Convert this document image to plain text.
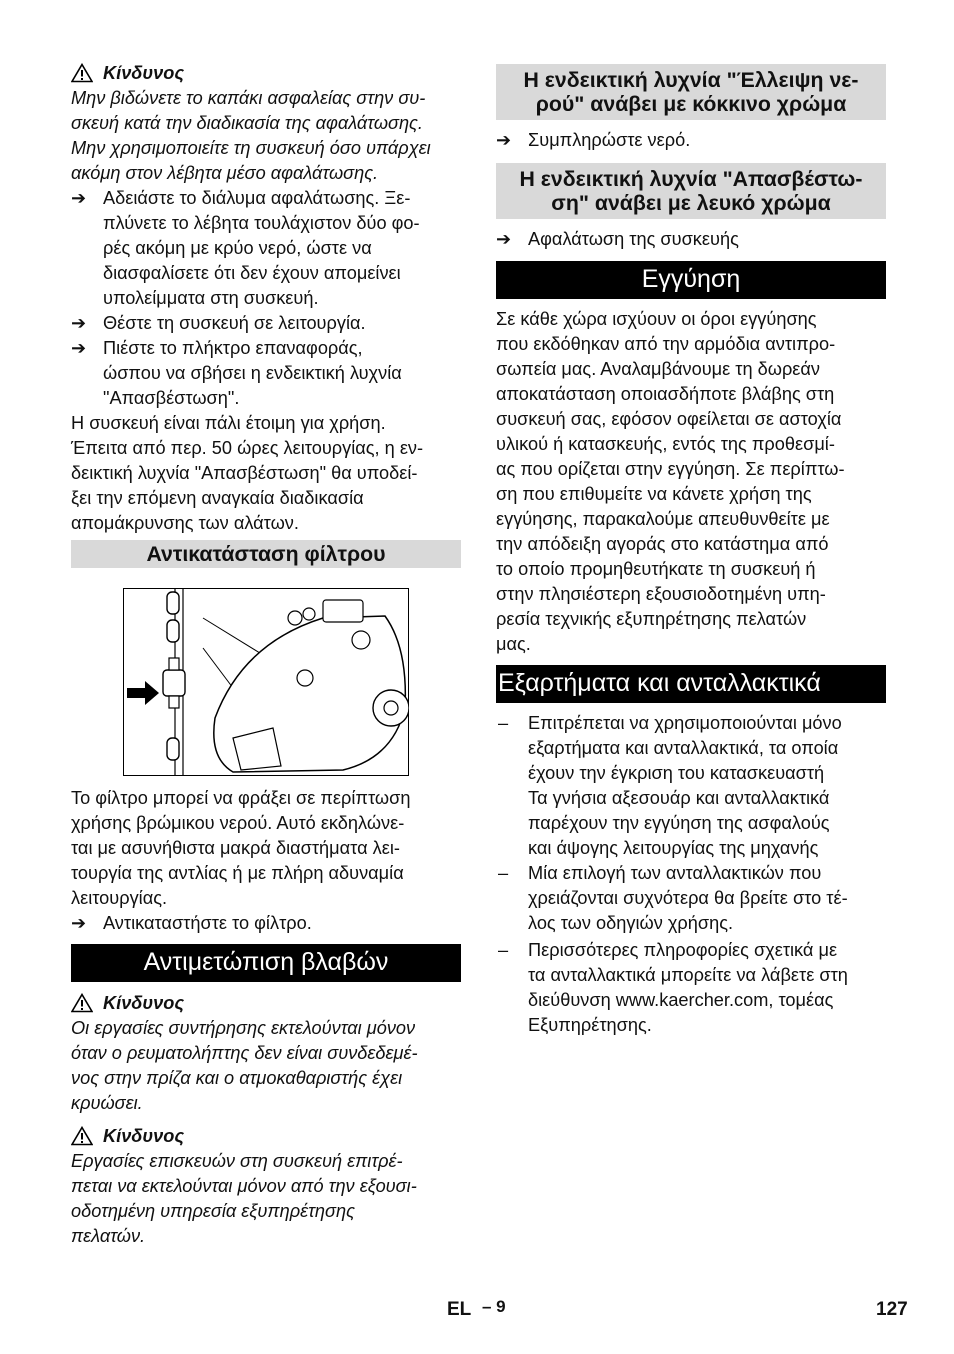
Κίνδυνος

Μην βιδώνετε το καπάκι ασφαλείας στην συ-
σκευή κατά την διαδικασία της αφαλάτωσης.
Μην χρησιμοποιείτε τη συσκευή όσο υπάρχει
ακόμη στον λέβητα μέσο αφαλάτωσης.

➔ Αδειάστε το διάλυμα αφαλάτωσης. Ξε-
πλύνετε το λέβητα τουλάχιστον δύο φο-
ρές ακόμη με κρύο νερό, ώστε να
διασφαλίσετε ότι δεν έχουν απομείνει
υπολείμματα στη συσκευή.
➔ Θέστε τη συσκευή σε λειτουργία.
➔ Πιέστε το πλήκτρο επαναφοράς,
ώσπου να σβήσει η ενδεικτική λυχνία
"Απασβέστωση".

Η συσκευή είναι πάλι έτοιμη για χρήση.
Έπειτα από περ. 50 ώρες λειτουργίας, η εν-
δεικτική λυχνία "Απασβέστωση" θα υποδεί-
ξει την επόμενη αναγκαία διαδικασία
απομάκρυνσης των αλάτων.

Αντικατάσταση φίλτρου

Το φίλτρο μπορεί να φράξει σε περίπτωση
χρήσης βρώμικου νερού. Αυτό εκδηλώνε-
ται με ασυνήθιστα μακρά διαστήματα λει-
τουργία της αντλίας ή με πλήρη αδυναμία
λειτουργίας.

➔ Αντικαταστήστε το φίλτρο.
Αντιμετώπιση βλαβών
Κίνδυνος

Οι εργασίες συντήρησης εκτελούνται μόνον
όταν ο ρευματολήπτης δεν είναι συνδεδεμέ-
νος στην πρίζα και ο ατμοκαθαριστής έχει
κρυώσει.

Κίνδυνος

Εργασίες επισκευών στη συσκευή επιτρέ-
πεται να εκτελούνται μόνον από την εξουσι-
οδοτημένη υπηρεσία εξυπηρέτησης
πελατών.

Η ενδεικτική λυχνία "Έλλειψη νε-
ρού" ανάβει με κόκκινο χρώμα
➔ Συμπληρώστε νερό.
Η ενδεικτική λυχνία "Απασβέστω-
ση" ανάβει με λευκό χρώμα
➔ Αφαλάτωση της συσκευής
Εγγύηση

Σε κάθε χώρα ισχύουν οι όροι εγγύησης
που εκδόθηκαν από την αρμόδια αντιπρο-
σωπεία μας. Αναλαμβάνουμε τη δωρεάν
αποκατάσταση οποιασδήποτε βλάβης στη
συσκευή σας, εφόσον οφείλεται σε αστοχία
υλικού ή κατασκευής, εντός της προθεσμί-
ας που ορίζεται στην εγγύηση. Σε περίπτω-
ση που επιθυμείτε να κάνετε χρήση της
εγγύησης, παρακαλούμε απευθυνθείτε με
την απόδειξη αγοράς στο κατάστημα από
το οποίο προμηθευτήκατε τη συσκευή ή
στην πλησιέστερη εξουσιοδοτημένη υπη-
ρεσία τεχνικής εξυπηρέτησης πελατών
μας.

Εξαρτήματα και ανταλλακτικά
– Επιτρέπεται να χρησιμοποιούνται μόνο
εξαρτήματα και ανταλλακτικά, τα οποία
έχουν την έγκριση του κατασκευαστή
Τα γνήσια αξεσουάρ και ανταλλακτικά
παρέχουν την εγγύηση της ασφαλούς
και άψογης λειτουργίας της μηχανής
– Μία επιλογή των ανταλλακτικών που
χρειάζονται συχνότερα θα βρείτε στο τέ-
λος των οδηγιών χρήσης.
– Περισσότερες πληροφορίες σχετικά με
τα ανταλλακτικά μπορείτε να λάβετε στη
διεύθυνση www.kaercher.com, τομέας
Εξυπηρέτησης.
EL – 9	127
